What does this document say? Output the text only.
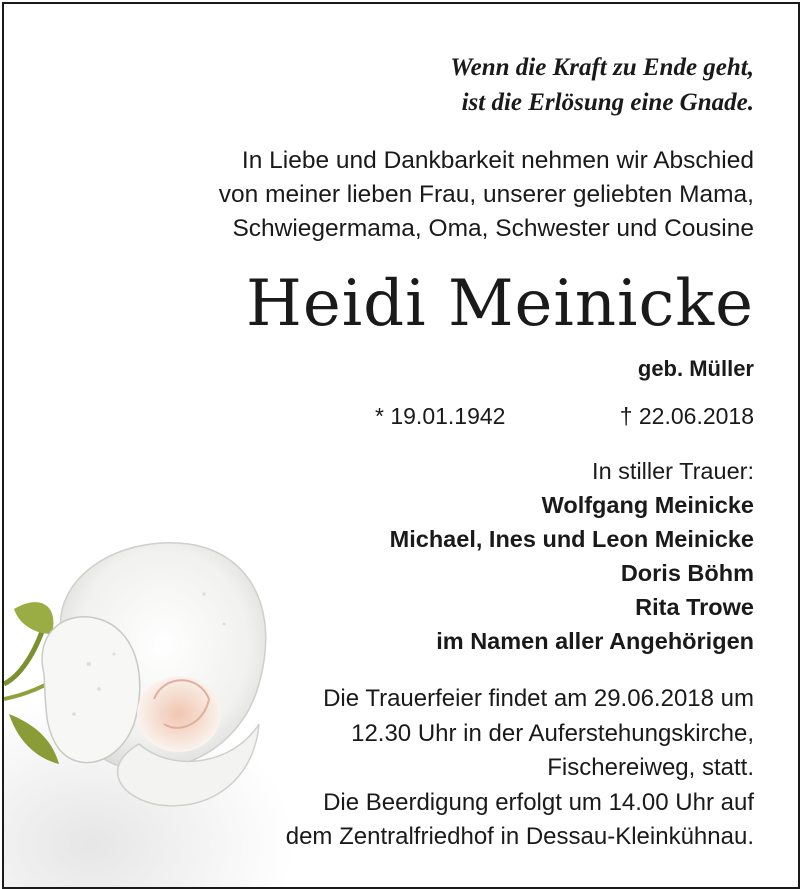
Wenn die Kraft zu Ende geht,
ist die Erlösung eine Gnade.
In Liebe und Dankbarkeit nehmen wir Abschied
von meiner lieben Frau, unserer geliebten Mama,
Schwiegermama, Oma, Schwester und Cousine
Heidi Meinicke
geb. Müller
* 19.01.1942	† 22.06.2018
In stiller Trauer:
Wolfgang Meinicke
Michael, Ines und Leon Meinicke
Doris Böhm
Rita Trowe
im Namen aller Angehörigen
Die Trauerfeier findet am 29.06.2018 um
12.30 Uhr in der Auferstehungskirche,
Fischereiweg, statt.
Die Beerdigung erfolgt um 14.00 Uhr auf
dem Zentralfriedhof in Dessau-Kleinkühnau.
